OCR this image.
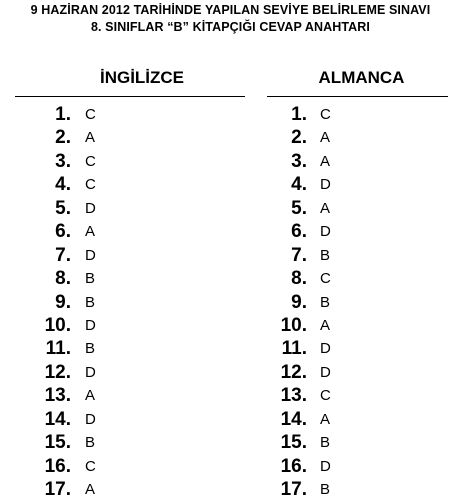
9 HAZİRAN 2012 TARİHİNDE YAPILAN SEVİYE BELİRLEME SINAVI
8. SINIFLAR “B” KİTAPÇIĞI CEVAP ANAHTARI
İNGİLİZCE
1. C
2. A
3. C
4. C
5. D
6. A
7. D
8. B
9. B
10. D
11. B
12. D
13. A
14. D
15. B
16. C
17. A
ALMANCA
1. C
2. A
3. A
4. D
5. A
6. D
7. B
8. C
9. B
10. A
11. D
12. D
13. C
14. A
15. B
16. D
17. B
